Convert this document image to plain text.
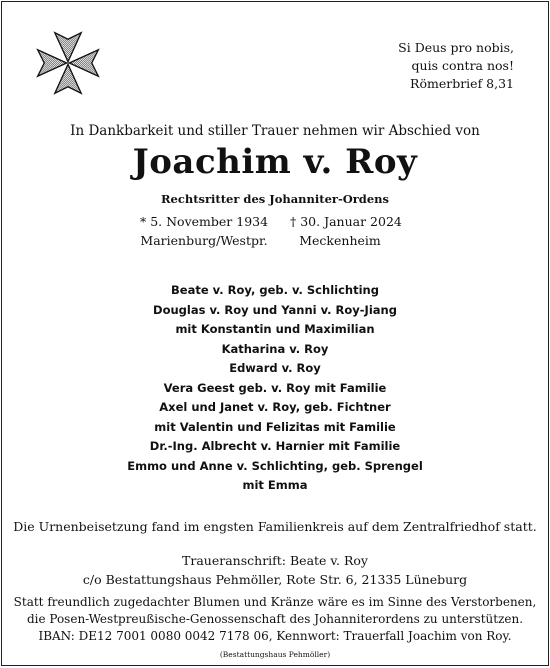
Si Deus pro nobis,
quis contra nos!
Römerbrief 8,31
In Dankbarkeit und stiller Trauer nehmen wir Abschied von
Joachim v. Roy
Rechtsritter des Johanniter-Ordens
* 5. November 1934
Marienburg/Westpr.
† 30. Januar 2024
Meckenheim
Beate v. Roy, geb. v. Schlichting
Douglas v. Roy und Yanni v. Roy-Jiang
mit Konstantin und Maximilian
Katharina v. Roy
Edward v. Roy
Vera Geest geb. v. Roy mit Familie
Axel und Janet v. Roy, geb. Fichtner
mit Valentin und Felizitas mit Familie
Dr.-Ing. Albrecht v. Harnier mit Familie
Emmo und Anne v. Schlichting, geb. Sprengel
mit Emma
Die Urnenbeisetzung fand im engsten Familienkreis auf dem Zentralfriedhof statt.
Traueranschrift: Beate v. Roy
c/o Bestattungshaus Pehmöller, Rote Str. 6, 21335 Lüneburg
Statt freundlich zugedachter Blumen und Kränze wäre es im Sinne des Verstorbenen,
die Posen-Westpreußische-Genossenschaft des Johanniterordens zu unterstützen.
IBAN: DE12 7001 0080 0042 7178 06, Kennwort: Trauerfall Joachim von Roy.
(Bestattungshaus Pehmöller)
